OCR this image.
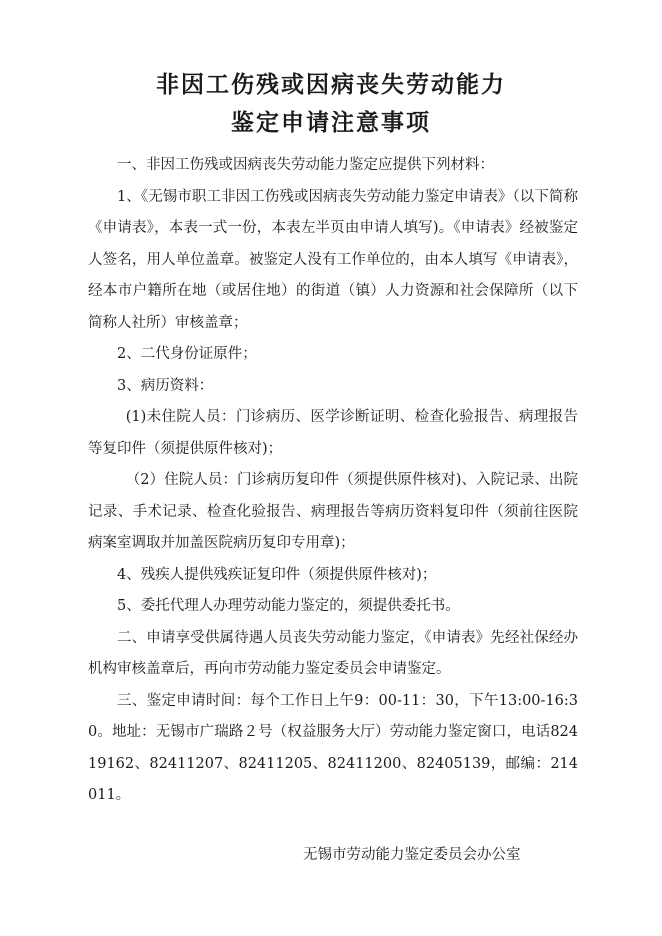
非因工伤残或因病丧失劳动能力
鉴定申请注意事项

一、非因工伤残或因病丧失劳动能力鉴定应提供下列材料：

1、《无锡市职工非因工伤残或因病丧失劳动能力鉴定申请表》（以下简称《申请表》，本表一式一份，本表左半页由申请人填写)。《申请表》经被鉴定人签名，用人单位盖章。被鉴定人没有工作单位的，由本人填写《申请表》，经本市户籍所在地（或居住地）的街道（镇）人力资源和社会保障所（以下简称人社所）审核盖章；

2、二代身份证原件；

3、病历资料：

(1)未住院人员：门诊病历、医学诊断证明、检查化验报告、病理报告等复印件（须提供原件核对)；

（2）住院人员：门诊病历复印件（须提供原件核对)、入院记录、出院记录、手术记录、检查化验报告、病理报告等病历资料复印件（须前往医院病案室调取并加盖医院病历复印专用章)；

4、残疾人提供残疾证复印件（须提供原件核对)；

5、委托代理人办理劳动能力鉴定的，须提供委托书。

二、申请享受供属待遇人员丧失劳动能力鉴定，《申请表》先经社保经办机构审核盖章后，再向市劳动能力鉴定委员会申请鉴定。

三、鉴定申请时间：每个工作日上午9：00-11：30，下午13:00-16:30。地址：无锡市广瑞路２号（权益服务大厅）劳动能力鉴定窗口，电话82419162、82411207、82411205、82411200、82405139，邮编：214011。

无锡市劳动能力鉴定委员会办公室
